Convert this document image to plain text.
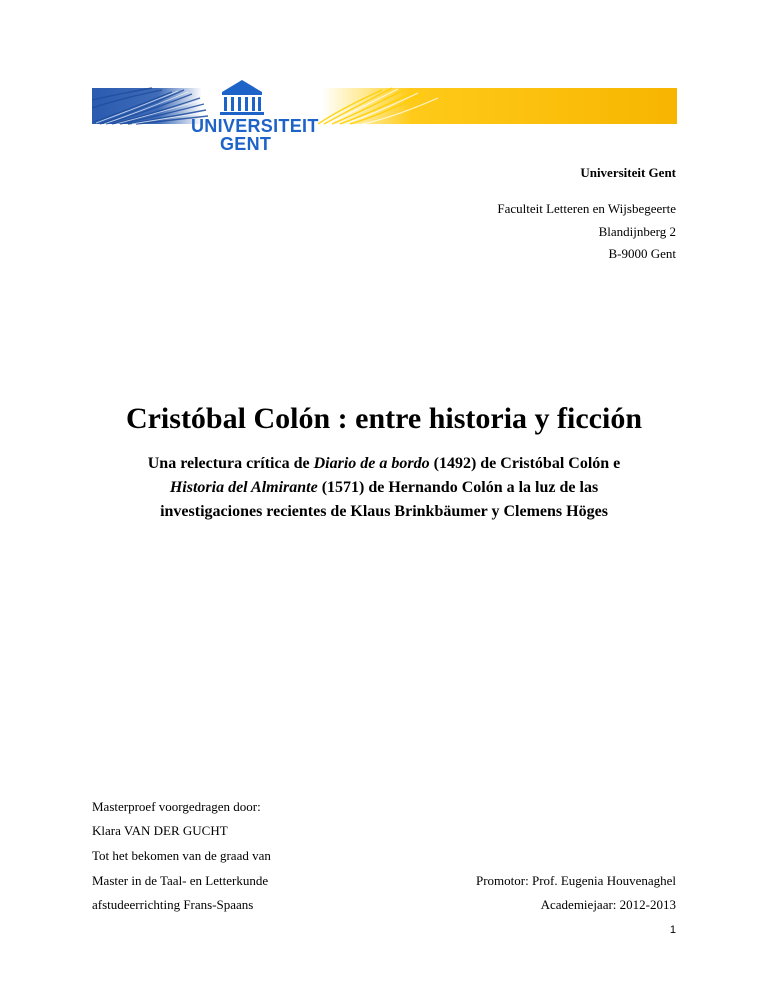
UNIVERSITEIT
GENT
Universiteit Gent
Faculteit Letteren en Wijsbegeerte
Blandijnberg 2
B-9000 Gent
Cristóbal Colón : entre historia y ficción
Una relectura crítica de Diario de a bordo (1492) de Cristóbal Colón e
Historia del Almirante (1571) de Hernando Colón a la luz de las
investigaciones recientes de Klaus Brinkbäumer y Clemens Höges
Masterproef voorgedragen door:
Klara VAN DER GUCHT
Tot het bekomen van de graad van
Master in de Taal- en Letterkunde
afstudeerrichting Frans-Spaans
Promotor: Prof. Eugenia Houvenaghel
Academiejaar: 2012-2013
1
